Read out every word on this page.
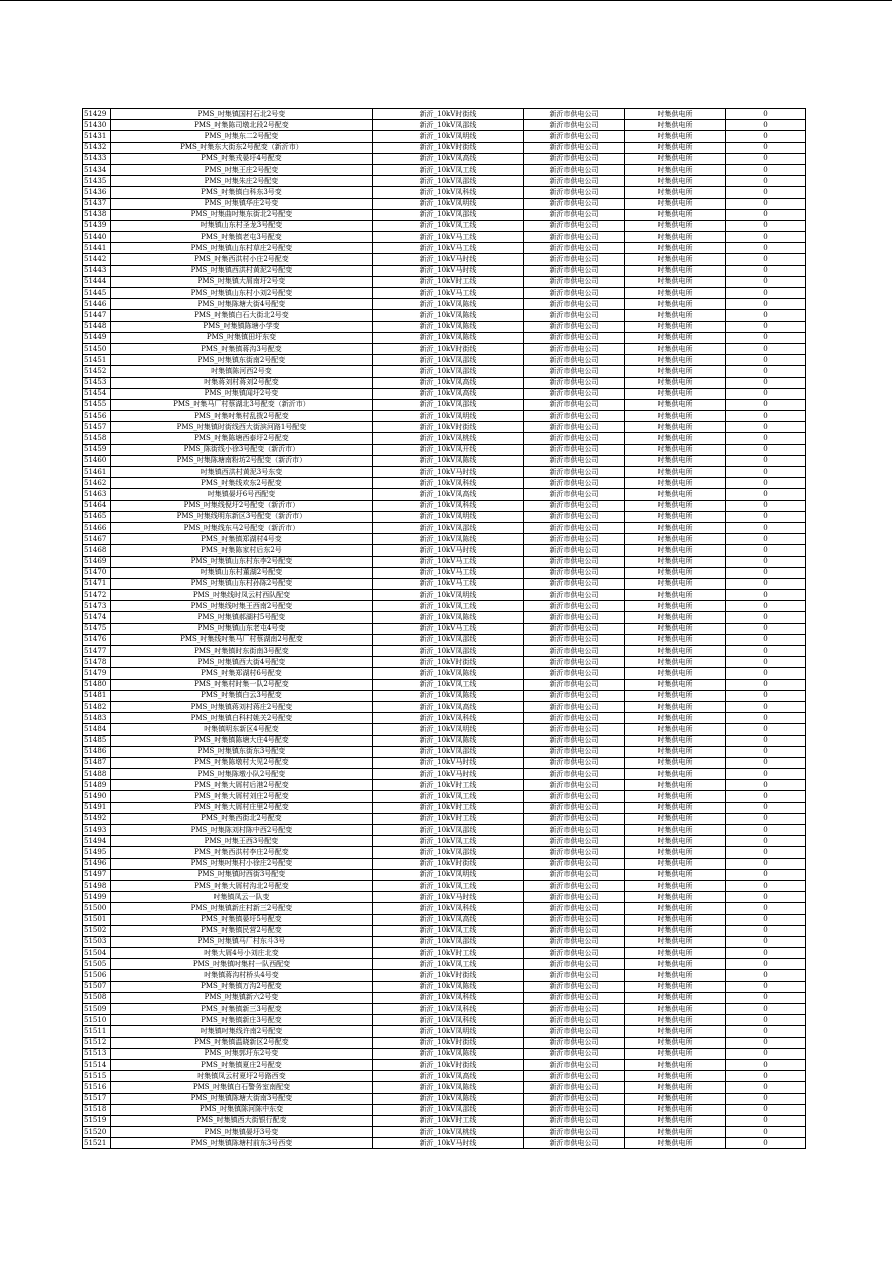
51429	PMS_吋集镇国村石北2号变	新沂_10kV时街线	新沂市供电公司	吋集供电所	0
51430	PMS_吋集陈司墩北段2号配变	新沂_10kV凤邵线	新沂市供电公司	吋集供电所	0
51431	PMS_吋集东二2号配变	新沂_10kV凤明线	新沂市供电公司	吋集供电所	0
51432	PMS_吋集东大街东2号配变（新沂市）	新沂_10kV时街线	新沂市供电公司	吋集供电所	0
51433	PMS_吋集戎晏圩4号配变	新沂_10kV凤高线	新沂市供电公司	吋集供电所	0
51434	PMS_吋集王庄2号配变	新沂_10kV凤工线	新沂市供电公司	吋集供电所	0
51435	PMS_吋集朱庄2号配变	新沂_10kV凤邵线	新沂市供电公司	吋集供电所	0
51436	PMS_吋集镇白科东3号变	新沂_10kV凤科线	新沂市供电公司	吋集供电所	0
51437	PMS_吋集镇华庄2号变	新沂_10kV凤明线	新沂市供电公司	吋集供电所	0
51438	PMS_吋集曲吋集东街北2号配变	新沂_10kV凤邵线	新沂市供电公司	吋集供电所	0
51439	吋集镇山东村圣龙3号配变	新沂_10kV凤工线	新沂市供电公司	吋集供电所	0
51440	PMS_吋集镇老屯3号配变	新沂_10kV马工线	新沂市供电公司	吋集供电所	0
51441	PMS_吋集镇山东村草庄2号配变	新沂_10kV马工线	新沂市供电公司	吋集供电所	0
51442	PMS_吋集西洪村小庄2号配变	新沂_10kV马时线	新沂市供电公司	吋集供电所	0
51443	PMS_吋集镇西洪村黄泥2号配变	新沂_10kV马时线	新沂市供电公司	吋集供电所	0
51444	PMS_吋集镇大屑南圩2号变	新沂_10kV时工线	新沂市供电公司	吋集供电所	0
51445	PMS_吋集镇山东村小刘2号配变	新沂_10kV马工线	新沂市供电公司	吋集供电所	0
51446	PMS_吋集陈塘大街4号配变	新沂_10kV凤陈线	新沂市供电公司	吋集供电所	0
51447	PMS_吋集镇白石大街北2号变	新沂_10kV凤陈线	新沂市供电公司	吋集供电所	0
51448	PMS_吋集镇陈塘小学变	新沂_10kV凤陈线	新沂市供电公司	吋集供电所	0
51449	PMS_吋集镇田圩东变	新沂_10kV凤陈线	新沂市供电公司	吋集供电所	0
51450	PMS_吋集镇蒋沟3号配变	新沂_10kV时街线	新沂市供电公司	吋集供电所	0
51451	PMS_吋集镇东街南2号配变	新沂_10kV凤邵线	新沂市供电公司	吋集供电所	0
51452	吋集镇陈河西2号变	新沂_10kV凤邵线	新沂市供电公司	吋集供电所	0
51453	吋集蒋刘村蒋刘2号配变	新沂_10kV凤高线	新沂市供电公司	吋集供电所	0
51454	PMS_吋集镇闻圩2号变	新沂_10kV凤高线	新沂市供电公司	吋集供电所	0
51455	PMS_吋集马厂村蔡湖北3号配变（新沂市）	新沂_10kV凤邵线	新沂市供电公司	吋集供电所	0
51456	PMS_吋集吋集村乱拨2号配变	新沂_10kV凤明线	新沂市供电公司	吋集供电所	0
51457	PMS_吋集镇时街线西大街滨河路1号配变	新沂_10kV时街线	新沂市供电公司	吋集供电所	0
51458	PMS_吋集陈塘西泰圩2号配变	新沂_10kV凤桃线	新沂市供电公司	吋集供电所	0
51459	PMS_陈街线小徐3号配变（新沂市）	新沂_10kV凤开线	新沂市供电公司	吋集供电所	0
51460	PMS_吋集陈塘南粉坊2号配变（新沂市）	新沂_10kV凤陈线	新沂市供电公司	吋集供电所	0
51461	吋集镇西洪村黄泥3号东变	新沂_10kV马时线	新沂市供电公司	吋集供电所	0
51462	PMS_吋集线欢东2号配变	新沂_10kV凤科线	新沂市供电公司	吋集供电所	0
51463	吋集镇晏圩6号西配变	新沂_10kV凤高线	新沂市供电公司	吋集供电所	0
51464	PMS_吋集线倪圩2号配变（新沂市）	新沂_10kV凤科线	新沂市供电公司	吋集供电所	0
51465	PMS_吋集线明东新区3号配变（新沂市）	新沂_10kV凤明线	新沂市供电公司	吋集供电所	0
51466	PMS_吋集线东马2号配变（新沂市）	新沂_10kV凤邵线	新沂市供电公司	吋集供电所	0
51467	PMS_吋集镇郑湖村4号变	新沂_10kV凤陈线	新沂市供电公司	吋集供电所	0
51468	PMS_吋集陈家村后东2号	新沂_10kV马时线	新沂市供电公司	吋集供电所	0
51469	PMS_吋集镇山东村东李2号配变	新沂_10kV马工线	新沂市供电公司	吋集供电所	0
51470	吋集镇山东村董湖2号配变	新沂_10kV马工线	新沂市供电公司	吋集供电所	0
51471	PMS_吋集镇山东村孙陈2号配变	新沂_10kV马工线	新沂市供电公司	吋集供电所	0
51472	PMS_吋集线时凤云村西队配变	新沂_10kV凤明线	新沂市供电公司	吋集供电所	0
51473	PMS_吋集线吋集王西南2号配变	新沂_10kV凤工线	新沂市供电公司	吋集供电所	0
51474	PMS_吋集镇郝湖村5号配变	新沂_10kV凤陈线	新沂市供电公司	吋集供电所	0
51475	PMS_吋集镇山东老屯4号变	新沂_10kV马工线	新沂市供电公司	吋集供电所	0
51476	PMS_吋集线吋集马厂村蔡湖南2号配变	新沂_10kV凤邵线	新沂市供电公司	吋集供电所	0
51477	PMS_吋集镇时东街南3号配变	新沂_10kV凤邵线	新沂市供电公司	吋集供电所	0
51478	PMS_吋集镇西大街4号配变	新沂_10kV时街线	新沂市供电公司	吋集供电所	0
51479	PMS_吋集郑湖村6号配变	新沂_10kV凤陈线	新沂市供电公司	吋集供电所	0
51480	PMS_吋集村时集一队2号配变	新沂_10kV凤工线	新沂市供电公司	吋集供电所	0
51481	PMS_吋集镇白云3号配变	新沂_10kV凤陈线	新沂市供电公司	吋集供电所	0
51482	PMS_吋集镇蒋刘村蒋庄2号配变	新沂_10kV凤高线	新沂市供电公司	吋集供电所	0
51483	PMS_吋集镇白科村姚关2号配变	新沂_10kV凤科线	新沂市供电公司	吋集供电所	0
51484	吋集镇明东新区4号配变	新沂_10kV凤明线	新沂市供电公司	吋集供电所	0
51485	PMS_吋集镇陈塘大庄4号配变	新沂_10kV凤陈线	新沂市供电公司	吋集供电所	0
51486	PMS_吋集镇东街东3号配变	新沂_10kV凤邵线	新沂市供电公司	吋集供电所	0
51487	PMS_吋集陈墩村大见2号配变	新沂_10kV马时线	新沂市供电公司	吋集供电所	0
51488	PMS_吋集陈墩小队2号配变	新沂_10kV马时线	新沂市供电公司	吋集供电所	0
51489	PMS_吋集大屑村后港2号配变	新沂_10kV时工线	新沂市供电公司	吋集供电所	0
51490	PMS_吋集大屑村刘庄2号配变	新沂_10kV凤工线	新沂市供电公司	吋集供电所	0
51491	PMS_吋集大屑村庄里2号配变	新沂_10kV时工线	新沂市供电公司	吋集供电所	0
51492	PMS_吋集西街北2号配变	新沂_10kV时工线	新沂市供电公司	吋集供电所	0
51493	PMS_吋集陈刘村陈中西2号配变	新沂_10kV凤邵线	新沂市供电公司	吋集供电所	0
51494	PMS_吋集王西3号配变	新沂_10kV凤工线	新沂市供电公司	吋集供电所	0
51495	PMS_吋集西洪村李庄2号配变	新沂_10kV凤邵线	新沂市供电公司	吋集供电所	0
51496	PMS_吋集吋集村小徐庄2号配变	新沂_10kV时街线	新沂市供电公司	吋集供电所	0
51497	PMS_吋集镇时西街3号配变	新沂_10kV凤明线	新沂市供电公司	吋集供电所	0
51498	PMS_吋集大屑村沟北2号配变	新沂_10kV凤工线	新沂市供电公司	吋集供电所	0
51499	吋集镇凤云一队变	新沂_10kV马时线	新沂市供电公司	吋集供电所	0
51500	PMS_吋集镇新庄村新三2号配变	新沂_10kV凤科线	新沂市供电公司	吋集供电所	0
51501	PMS_吋集镇晏圩5号配变	新沂_10kV凤高线	新沂市供电公司	吋集供电所	0
51502	PMS_吋集镇民营2号配变	新沂_10kV凤工线	新沂市供电公司	吋集供电所	0
51503	PMS_吋集镇马厂村东斗3号	新沂_10kV凤邵线	新沂市供电公司	吋集供电所	0
51504	吋集大屑4号小刘庄北变	新沂_10kV时工线	新沂市供电公司	吋集供电所	0
51505	PMS_吋集镇吋集村一队西配变	新沂_10kV凤工线	新沂市供电公司	吋集供电所	0
51506	吋集镇蒋沟村桥头4号变	新沂_10kV时街线	新沂市供电公司	吋集供电所	0
51507	PMS_吋集镇万沟2号配变	新沂_10kV凤陈线	新沂市供电公司	吋集供电所	0
51508	PMS_吋集镇新六2号变	新沂_10kV凤科线	新沂市供电公司	吋集供电所	0
51509	PMS_吋集镇新三3号配变	新沂_10kV凤科线	新沂市供电公司	吋集供电所	0
51510	PMS_吋集镇新庄3号配变	新沂_10kV凤科线	新沂市供电公司	吋集供电所	0
51511	吋集镇吋集线许南2号配变	新沂_10kV凤明线	新沂市供电公司	吋集供电所	0
51512	PMS_吋集镇温晓新区2号配变	新沂_10kV时街线	新沂市供电公司	吋集供电所	0
51513	PMS_吋集郭圩东2号变	新沂_10kV凤陈线	新沂市供电公司	吋集供电所	0
51514	PMS_吋集镇夏庄2号配变	新沂_10kV时街线	新沂市供电公司	吋集供电所	0
51515	吋集镇凤云村夏圩2号路西变	新沂_10kV凤高线	新沂市供电公司	吋集供电所	0
51516	PMS_吋集镇白石警务室南配变	新沂_10kV凤陈线	新沂市供电公司	吋集供电所	0
51517	PMS_吋集镇陈塘大街南3号配变	新沂_10kV凤陈线	新沂市供电公司	吋集供电所	0
51518	PMS_吋集镇陈河陈中东变	新沂_10kV凤邵线	新沂市供电公司	吋集供电所	0
51519	PMS_吋集镇西大街银行配变	新沂_10kV时工线	新沂市供电公司	吋集供电所	0
51520	PMS_吋集镇晏圩3号变	新沂_10kV凤桃线	新沂市供电公司	吋集供电所	0
51521	PMS_吋集镇陈塘村前东3号西变	新沂_10kV马时线	新沂市供电公司	吋集供电所	0
